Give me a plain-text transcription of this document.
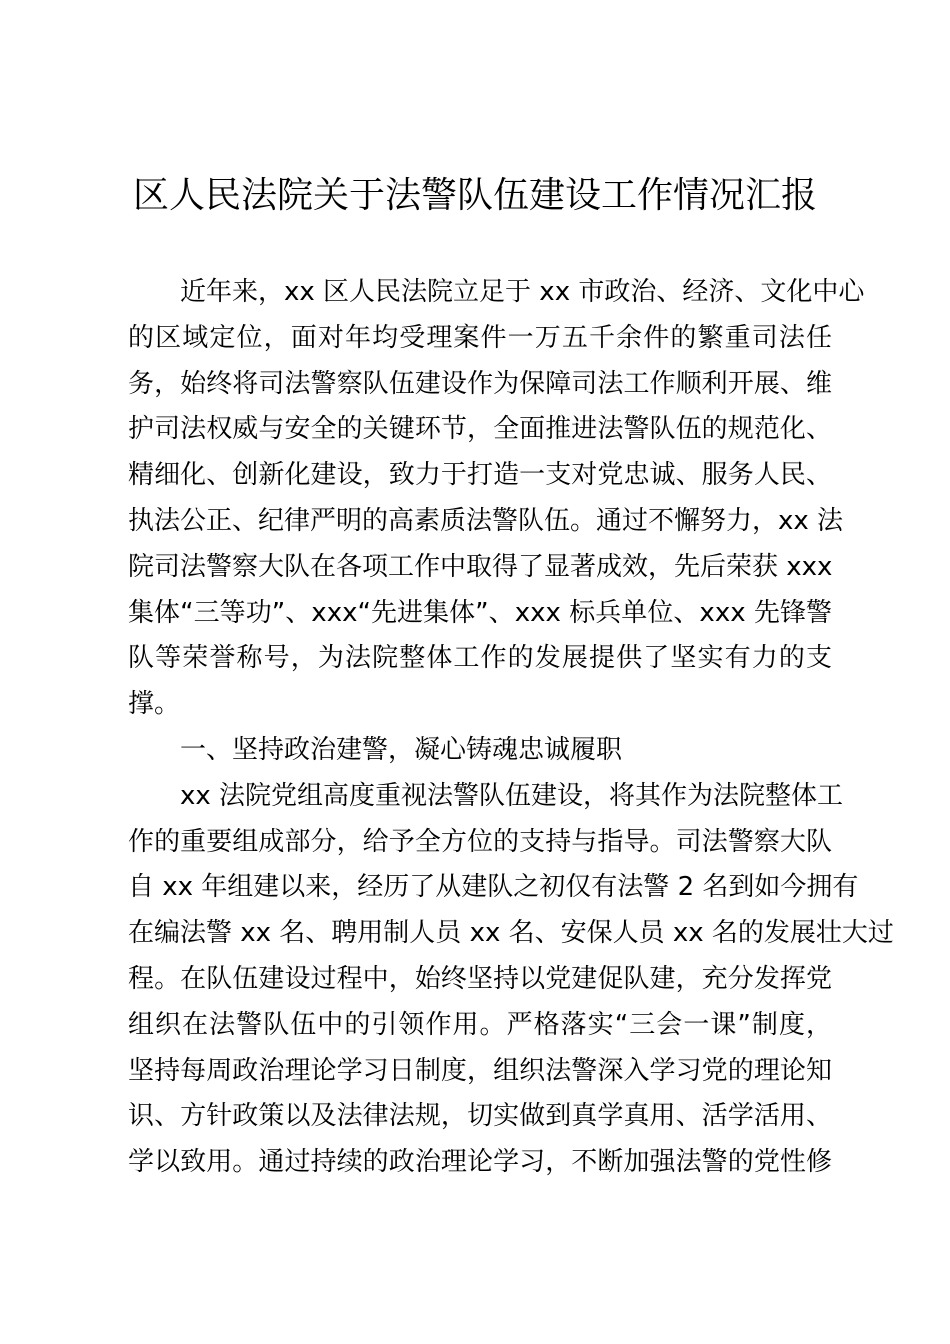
区人民法院关于法警队伍建设工作情况汇报
近年来，xx 区人民法院立足于 xx 市政治、经济、文化中心
的区域定位，面对年均受理案件一万五千余件的繁重司法任
务，始终将司法警察队伍建设作为保障司法工作顺利开展、维
护司法权威与安全的关键环节，全面推进法警队伍的规范化、
精细化、创新化建设，致力于打造一支对党忠诚、服务人民、
执法公正、纪律严明的高素质法警队伍。通过不懈努力，xx 法
院司法警察大队在各项工作中取得了显著成效，先后荣获 xxx
集体“三等功”、xxx“先进集体”、xxx 标兵单位、xxx 先锋警
队等荣誉称号，为法院整体工作的发展提供了坚实有力的支
撑。
一、坚持政治建警，凝心铸魂忠诚履职
xx 法院党组高度重视法警队伍建设，将其作为法院整体工
作的重要组成部分，给予全方位的支持与指导。司法警察大队
自 xx 年组建以来，经历了从建队之初仅有法警 2 名到如今拥有
在编法警 xx 名、聘用制人员 xx 名、安保人员 xx 名的发展壮大过
程。在队伍建设过程中，始终坚持以党建促队建，充分发挥党
组织在法警队伍中的引领作用。严格落实“三会一课”制度，
坚持每周政治理论学习日制度，组织法警深入学习党的理论知
识、方针政策以及法律法规，切实做到真学真用、活学活用、
学以致用。通过持续的政治理论学习，不断加强法警的党性修
